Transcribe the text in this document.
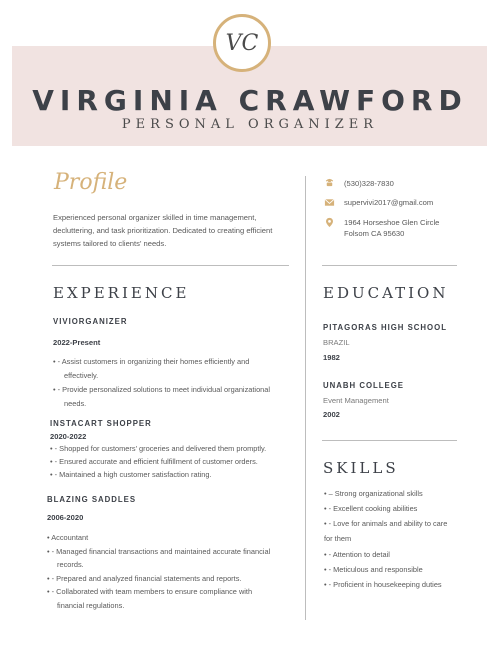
VC
VIRGINIA CRAWFORD
PERSONAL ORGANIZER
Profile
Experienced personal organizer skilled in time management, decluttering, and task prioritization. Dedicated to creating efficient systems tailored to clients' needs.
(530)328-7830
supervivi2017@gmail.com
1964 Horseshoe Glen Circle
Folsom CA 95630
EXPERIENCE
VIVIORGANIZER
2022-Present
• - Assist customers in organizing their homes efficiently and
effectively.
• - Provide personalized solutions to meet individual organizational
needs.
INSTACART SHOPPER
2020-2022
• - Shopped for customers' groceries and delivered them promptly.
• - Ensured accurate and efficient fulfillment of customer orders.
• - Maintained a high customer satisfaction rating.
BLAZING SADDLES
2006-2020
• Accountant
• - Managed financial transactions and maintained accurate financial
records.
• - Prepared and analyzed financial statements and reports.
• - Collaborated with team members to ensure compliance with
financial regulations.
EDUCATION
PITAGORAS HIGH SCHOOL
BRAZIL
1982
UNABH COLLEGE
Event Management
2002
SKILLS
• – Strong organizational skills
• - Excellent cooking abilities
• - Love for animals and ability to care
for them
• - Attention to detail
• - Meticulous and responsible
• - Proficient in housekeeping duties
